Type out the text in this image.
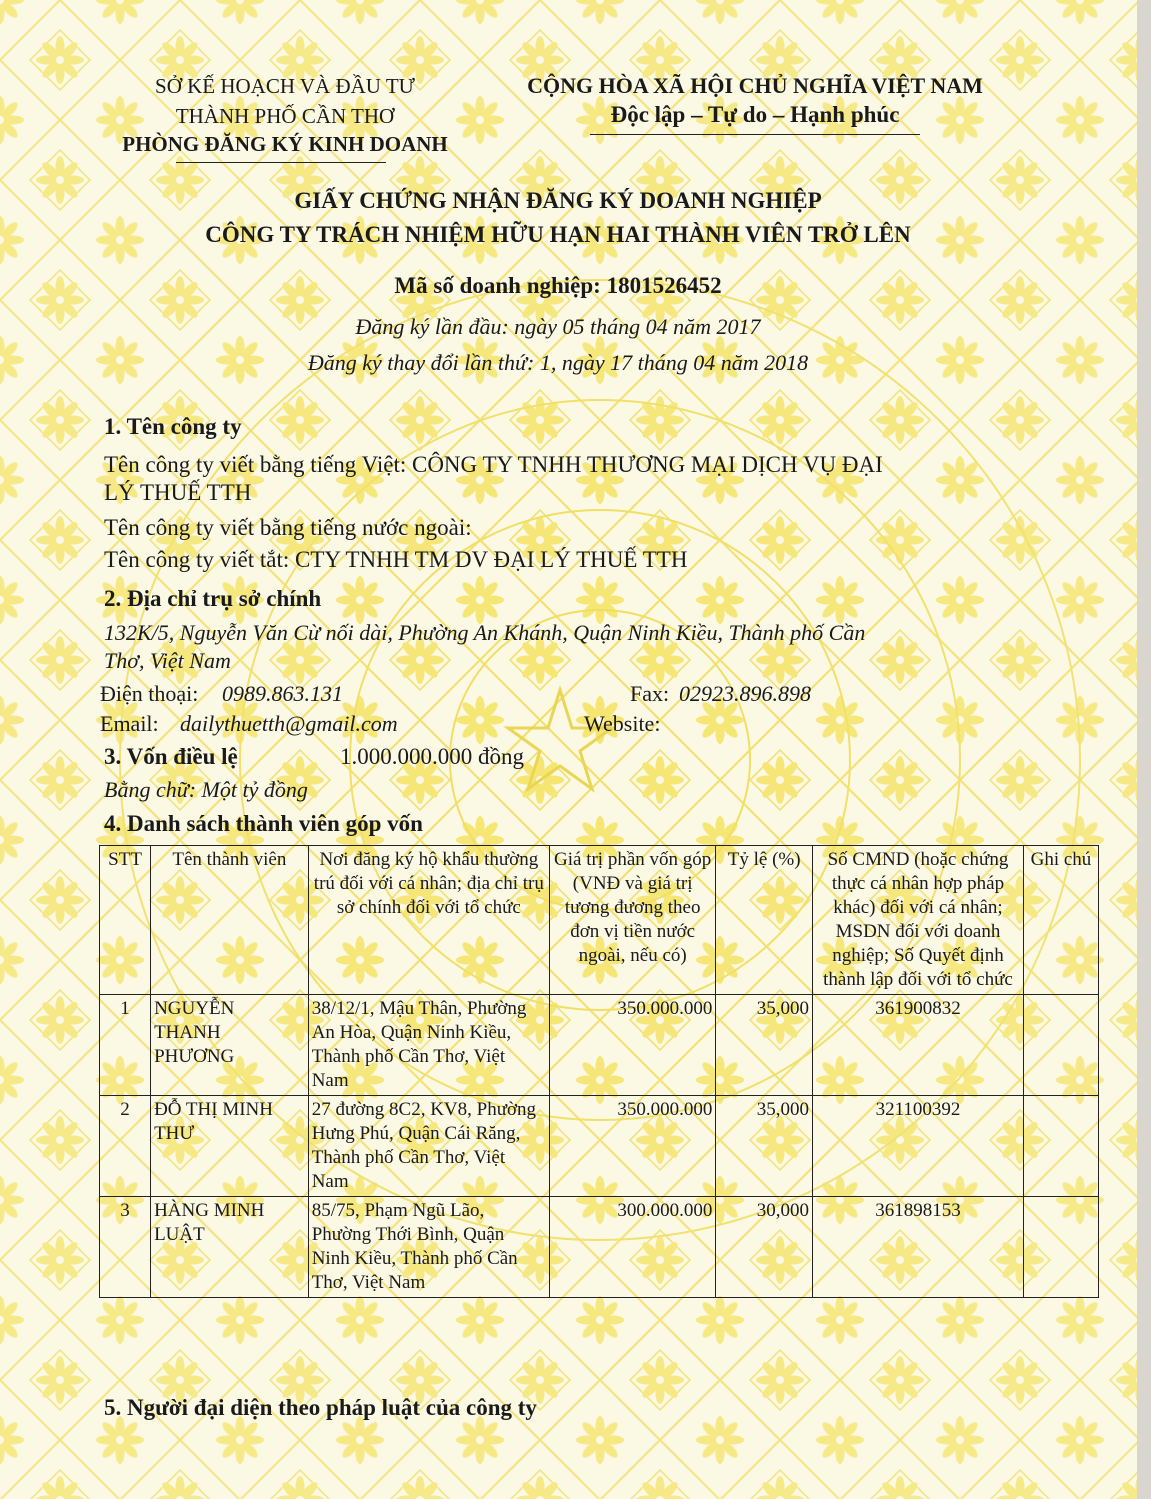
SỞ KẾ HOẠCH VÀ ĐẦU TƯ
THÀNH PHỐ CẦN THƠ
PHÒNG ĐĂNG KÝ KINH DOANH
CỘNG HÒA XÃ HỘI CHỦ NGHĨA VIỆT NAM
Độc lập – Tự do – Hạnh phúc
GIẤY CHỨNG NHẬN ĐĂNG KÝ DOANH NGHIỆP
CÔNG TY TRÁCH NHIỆM HỮU HẠN HAI THÀNH VIÊN TRỞ LÊN
Mã số doanh nghiệp: 1801526452
Đăng ký lần đầu: ngày 05 tháng 04 năm 2017
Đăng ký thay đổi lần thứ: 1, ngày 17 tháng 04 năm 2018
1. Tên công ty
Tên công ty viết bằng tiếng Việt: CÔNG TY TNHH THƯƠNG MẠI DỊCH VỤ ĐẠI
LÝ THUẾ TTH
Tên công ty viết bằng tiếng nước ngoài:
Tên công ty viết tắt: CTY TNHH TM DV ĐẠI LÝ THUẾ TTH
2. Địa chỉ trụ sở chính
132K/5, Nguyễn Văn Cừ nối dài, Phường An Khánh, Quận Ninh Kiều, Thành phố Cần
Thơ, Việt Nam
Điện thoại: 0989.863.131	Fax: 02923.896.898
Email: dailythuetth@gmail.com	Website:
3. Vốn điều lệ	1.000.000.000 đồng
Bằng chữ: Một tỷ đồng
4. Danh sách thành viên góp vốn
STT	Tên thành viên	Nơi đăng ký hộ khẩu thường trú đối với cá nhân; địa chỉ trụ sở chính đối với tổ chức	Giá trị phần vốn góp (VNĐ và giá trị tương đương theo đơn vị tiền nước ngoài, nếu có)	Tỷ lệ (%)	Số CMND (hoặc chứng thực cá nhân hợp pháp khác) đối với cá nhân; MSDN đối với doanh nghiệp; Số Quyết định thành lập đối với tổ chức	Ghi chú
1	NGUYỄN THANH PHƯƠNG	38/12/1, Mậu Thân, Phường An Hòa, Quận Ninh Kiều, Thành phố Cần Thơ, Việt Nam	350.000.000	35,000	361900832	
2	ĐỖ THỊ MINH THƯ	27 đường 8C2, KV8, Phường Hưng Phú, Quận Cái Răng, Thành phố Cần Thơ, Việt Nam	350.000.000	35,000	321100392	
3	HÀNG MINH LUẬT	85/75, Phạm Ngũ Lão, Phường Thới Bình, Quận Ninh Kiều, Thành phố Cần Thơ, Việt Nam	300.000.000	30,000	361898153	
5. Người đại diện theo pháp luật của công ty
